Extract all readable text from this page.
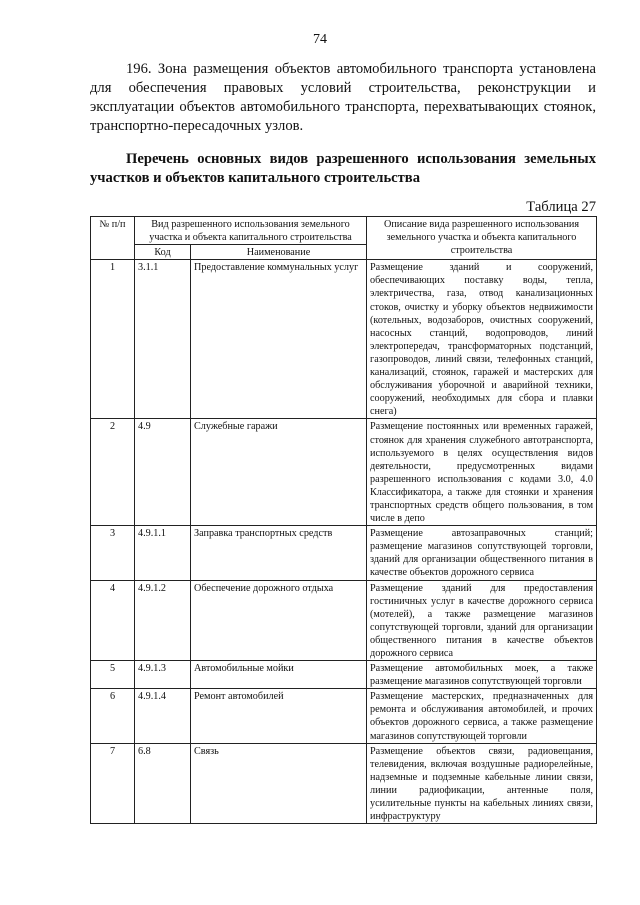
74

196. Зона размещения объектов автомобильного транспорта установлена для обеспечения правовых условий строительства, реконструкции и эксплуатации объектов автомобильного транспорта, перехватывающих стоянок, транспортно-пересадочных узлов.

Перечень основных видов разрешенного использования земельных участков и объектов капитального строительства

Таблица 27
№ п/п	Вид разрешенного использования земельного участка и объекта капитального строительства		Описание вида разрешенного использования земельного участка и объекта капитального строительства
	Код	Наименование	
1	3.1.1	Предоставление коммунальных услуг	Размещение зданий и сооружений, обеспечивающих поставку воды, тепла, электричества, газа, отвод канализационных стоков, очистку и уборку объектов недвижимости (котельных, водозаборов, очистных сооружений, насосных станций, водопроводов, линий электропередач, трансформаторных подстанций, газопроводов, линий связи, телефонных станций, канализаций, стоянок, гаражей и мастерских для обслуживания уборочной и аварийной техники, сооружений, необходимых для сбора и плавки снега)
2	4.9	Служебные гаражи	Размещение постоянных или временных гаражей, стоянок для хранения служебного автотранспорта, используемого в целях осуществления видов деятельности, предусмотренных видами разрешенного использования с кодами 3.0, 4.0 Классификатора, а также для стоянки и хранения транспортных средств общего пользования, в том числе в депо
3	4.9.1.1	Заправка транспортных средств	Размещение автозаправочных станций; размещение магазинов сопутствующей торговли, зданий для организации общественного питания в качестве объектов дорожного сервиса
4	4.9.1.2	Обеспечение дорожного отдыха	Размещение зданий для предоставления гостиничных услуг в качестве дорожного сервиса (мотелей), а также размещение магазинов сопутствующей торговли, зданий для организации общественного питания в качестве объектов дорожного сервиса
5	4.9.1.3	Автомобильные мойки	Размещение автомобильных моек, а также размещение магазинов сопутствующей торговли
6	4.9.1.4	Ремонт автомобилей	Размещение мастерских, предназначенных для ремонта и обслуживания автомобилей, и прочих объектов дорожного сервиса, а также размещение магазинов сопутствующей торговли
7	6.8	Связь	Размещение объектов связи, радиовещания, телевидения, включая воздушные радиорелейные, надземные и подземные кабельные линии связи, линии радиофикации, антенные поля, усилительные пункты на кабельных линиях связи, инфраструктуру
